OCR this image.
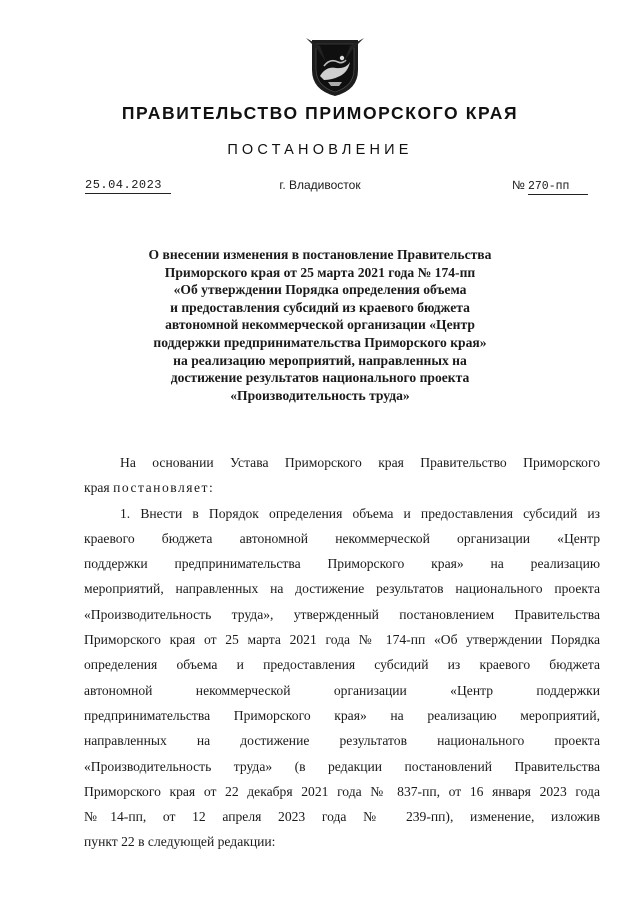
ПРАВИТЕЛЬСТВО ПРИМОРСКОГО КРАЯ
ПОСТАНОВЛЕНИЕ
25.04.2023	г. Владивосток	№ 270-пп
О внесении изменения в постановление Правительства
Приморского края от 25 марта 2021 года № 174-пп
«Об утверждении Порядка определения объема
и предоставления субсидий из краевого бюджета
автономной некоммерческой организации «Центр
поддержки предпринимательства Приморского края»
на реализацию мероприятий, направленных на
достижение результатов национального проекта
«Производительность труда»
На основании Устава Приморского края Правительство Приморского
края постановляет:
1. Внести в Порядок определения объема и предоставления субсидий из
краевого бюджета автономной некоммерческой организации «Центр
поддержки предпринимательства Приморского края» на реализацию
мероприятий, направленных на достижение результатов национального проекта
«Производительность труда», утвержденный постановлением Правительства
Приморского края от 25 марта 2021 года № 174-пп «Об утверждении Порядка
определения объема и предоставления субсидий из краевого бюджета
автономной некоммерческой организации «Центр поддержки
предпринимательства Приморского края» на реализацию мероприятий,
направленных на достижение результатов национального проекта
«Производительность труда» (в редакции постановлений Правительства
Приморского края от 22 декабря 2021 года № 837-пп, от 16 января 2023 года
№14-пп, от 12 апреля 2023 года № 239-пп), изменение, изложив
пункт 22 в следующей редакции:
